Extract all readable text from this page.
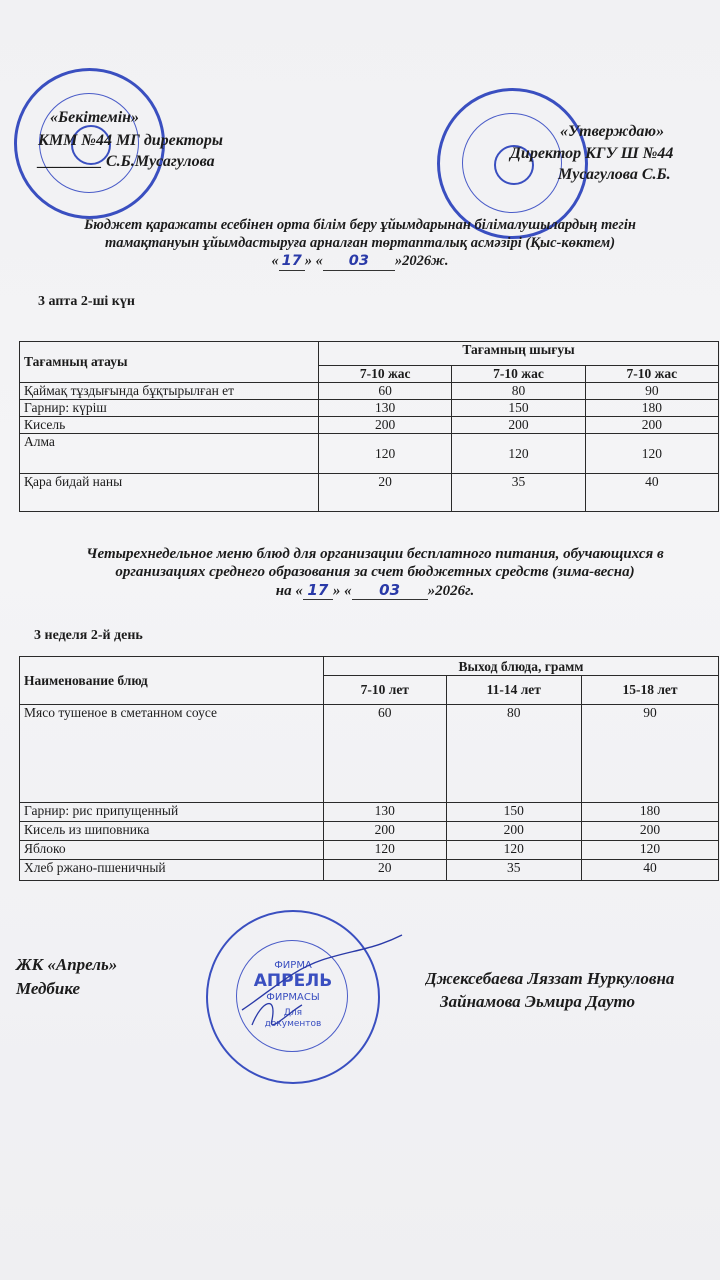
«Бекітемін»
КММ №44 МГ директоры
________ С.Б.Мусагулова
«Утверждаю»
Директор КГУ Ш №44
Мусагулова С.Б.
Бюджет қаражаты есебінен орта білім беру ұйымдарынан білімалушылардың тегін
тамақтануын ұйымдастыруға арналған төртапталық асмәзірі (Қыс-көктем)
« 17 » « 03 »2026ж.
3 апта 2-ші күн
Тағамның атауы	Тағамның шығуы		
	7-10 жас	7-10 жас	7-10 жас
Қаймақ тұздығында бұқтырылған ет	60	80	90
Гарнир: күріш	130	150	180
Кисель	200	200	200
Алма	120	120	120
Қара бидай наны	20	35	40
Четырехнедельное меню блюд для организации бесплатного питания, обучающихся в
организациях среднего образования за счет бюджетных средств (зима-весна)
на « 17 » « 03 »2026г.
3 неделя 2-й день
Наименование блюд	Выход блюда, грамм		
	7-10 лет	11-14 лет	15-18 лет
Мясо тушеное в сметанном соусе	60	80	90
Гарнир: рис припущенный	130	150	180
Кисель из шиповника	200	200	200
Яблоко	120	120	120
Хлеб ржано-пшеничный	20	35	40
ЖК «Апрель»
Медбике
Джексебаева Ляззат Нуркуловна
Зайнамова Эьмира Дауто
ФИРМА
АПРЕЛЬ
ФИРМАСЫ
Для
документов
